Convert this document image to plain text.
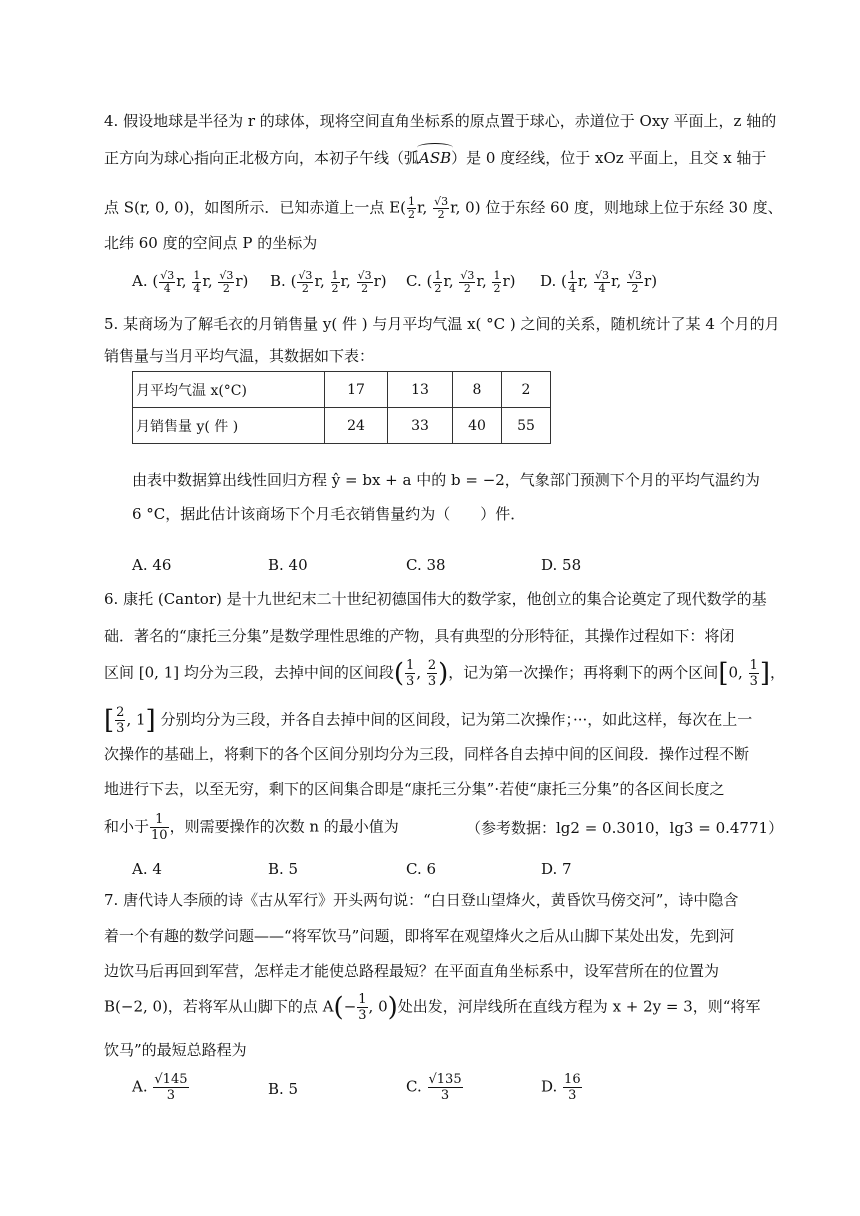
4. 假设地球是半径为 r 的球体，现将空间直角坐标系的原点置于球心，赤道位于 Oxy 平面上，z 轴的
正方向为球心指向正北极方向，本初子午线（弧ASB）是 0 度经线，位于 xOz 平面上，且交 x 轴于
点 S(r, 0, 0)，如图所示．已知赤道上一点 $E( \frac{1}{2} r$, $\frac{√3}{2} r$, 0) 位于东经 60 度，则地球上位于东经 30 度、
北纬 60 度的空间点 P 的坐标为
A. ( $\frac{√3}{4} r$, $\frac{1}{4} r$, $\frac{√3}{2} r$) B. ( $\frac{√3}{2} r$, $\frac{1}{2} r$, $\frac{√3}{2} r$) C. ( $\frac{1}{2} r$, $\frac{√3}{2} r$, $\frac{1}{2} r$) D. ( $\frac{1}{4} r$, $\frac{√3}{4} r$, $\frac{√3}{2} r$)
5. 某商场为了解毛衣的月销售量 y( 件 ) 与月平均气温 x( °C ) 之间的关系，随机统计了某 4 个月的月
销售量与当月平均气温，其数据如下表：
月平均气温 x(°C)	17	13	8	2
月销售量 y( 件 )	24	33	40	55
由表中数据算出线性回归方程 ŷ = bx + a 中的 b = −2，气象部门预测下个月的平均气温约为
6 °C，据此估计该商场下个月毛衣销售量约为（　　）件．
A. 46	B. 40	C. 38	D. 58
6. 康托 (Cantor) 是十九世纪末二十世纪初德国伟大的数学家，他创立的集合论奠定了现代数学的基
础．著名的“康托三分集”是数学理性思维的产物，具有典型的分形特征，其操作过程如下：将闭
区间 [0, 1] 均分为三段，去掉中间的区间段( $\frac{1}{3}$ , $\frac{2}{3}$ )，记为第一次操作；再将剩下的两个区间[0, $\frac{1}{3}$ ]，
[ $\frac{2}{3}$ , 1] 分别均分为三段，并各自去掉中间的区间段，记为第二次操作；···，如此这样，每次在上一
次操作的基础上，将剩下的各个区间分别均分为三段，同样各自去掉中间的区间段．操作过程不断
地进行下去，以至无穷，剩下的区间集合即是“康托三分集”·若使“康托三分集”的各区间长度之
和小于 $\frac{1}{10}$ ，则需要操作的次数 n 的最小值为	（参考数据：lg2 = 0.3010，lg3 = 0.4771）
A. 4	B. 5	C. 6	D. 7
7. 唐代诗人李颀的诗《古从军行》开头两句说：“白日登山望烽火，黄昏饮马傍交河”，诗中隐含
着一个有趣的数学问题——“将军饮马”问题，即将军在观望烽火之后从山脚下某处出发，先到河
边饮马后再回到军营，怎样走才能使总路程最短？在平面直角坐标系中，设军营所在的位置为
B(−2, 0)，若将军从山脚下的点 $A(- \frac{1}{3}$ , 0)处出发，河岸线所在直线方程为 x + 2y = 3，则“将军
饮马”的最短总路程为
A. $\frac{√145}{3}$	B. 5	C. $\frac{√135}{3}$	D. $\frac{16}{3}$
